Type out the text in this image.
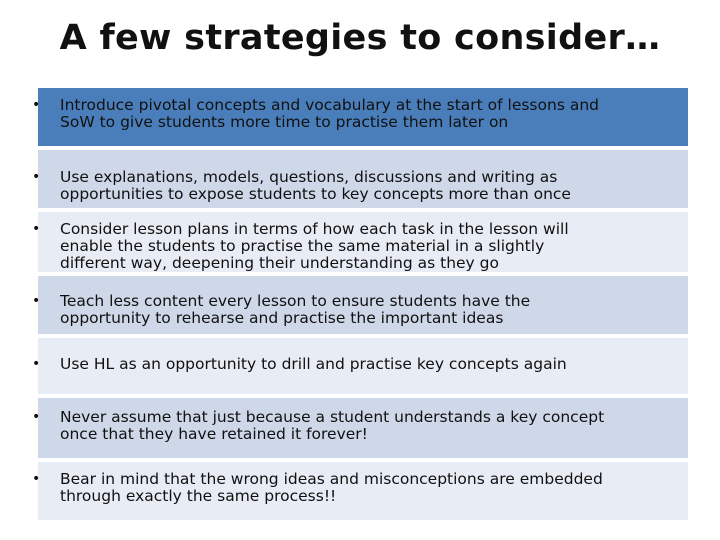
A few strategies to consider…
• Introduce pivotal concepts and vocabulary at the start of lessons and
SoW to give students more time to practise them later on
• Use explanations, models, questions, discussions and writing as
opportunities to expose students to key concepts more than once
• Consider lesson plans in terms of how each task in the lesson will
enable the students to practise the same material in a slightly
different way, deepening their understanding as they go
• Teach less content every lesson to ensure students have the
opportunity to rehearse and practise the important ideas
• Use HL as an opportunity to drill and practise key concepts again
• Never assume that just because a student understands a key concept
once that they have retained it forever!
• Bear in mind that the wrong ideas and misconceptions are embedded
through exactly the same process!!
